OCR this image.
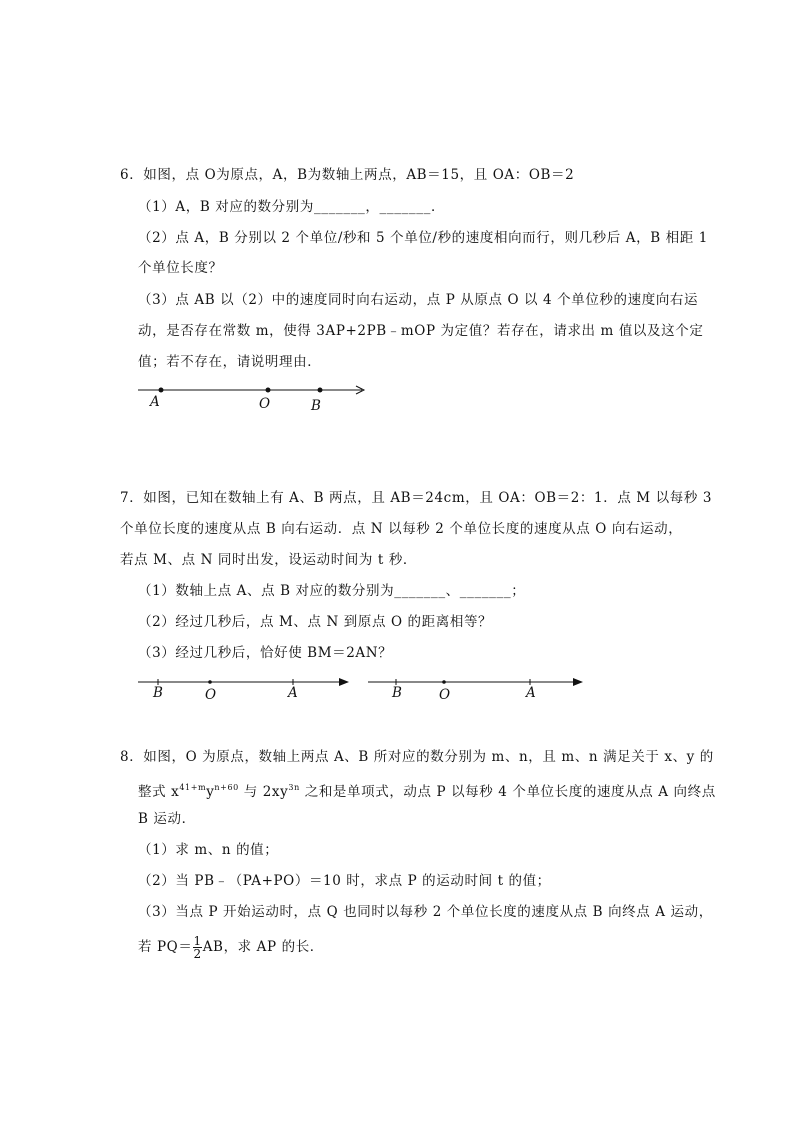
6．如图，点 O为原点，A，B为数轴上两点，AB＝15，且 OA：OB＝2
（1）A，B 对应的数分别为_______，_______．
（2）点 A，B 分别以 2 个单位/秒和 5 个单位/秒的速度相向而行，则几秒后 A，B 相距 1
个单位长度？
（3）点 AB 以（2）中的速度同时向右运动，点 P 从原点 O 以 4 个单位秒的速度向右运
动，是否存在常数 m，使得 3AP+2PB﹣mOP 为定值？若存在，请求出 m 值以及这个定
值；若不存在，请说明理由．
A	O	B
7．如图，已知在数轴上有 A、B 两点，且 AB＝24cm，且 OA：OB＝2：1．点 M 以每秒 3
个单位长度的速度从点 B 向右运动．点 N 以每秒 2 个单位长度的速度从点 O 向右运动，
若点 M、点 N 同时出发，设运动时间为 t 秒．
（1）数轴上点 A、点 B 对应的数分别为_______、_______；
（2）经过几秒后，点 M、点 N 到原点 O 的距离相等？
（3）经过几秒后，恰好使 BM＝2AN？
B	O	A	B	O	A
8．如图，O 为原点，数轴上两点 A、B 所对应的数分别为 m、n，且 m、n 满足关于 x、y 的
整式 $x^{41+m}y^{n+60}$ 与 $2xy^{3n}$ 之和是单项式，动点 P 以每秒 4 个单位长度的速度从点 A 向终点
B 运动．
（1）求 m、n 的值；
（2）当 PB﹣（PA+PO）＝10 时，求点 P 的运动时间 t 的值；
（3）当点 P 开始运动时，点 Q 也同时以每秒 2 个单位长度的速度从点 B 向终点 A 运动，
若 $PQ= \frac{1}{2}$ AB，求 AP 的长．
